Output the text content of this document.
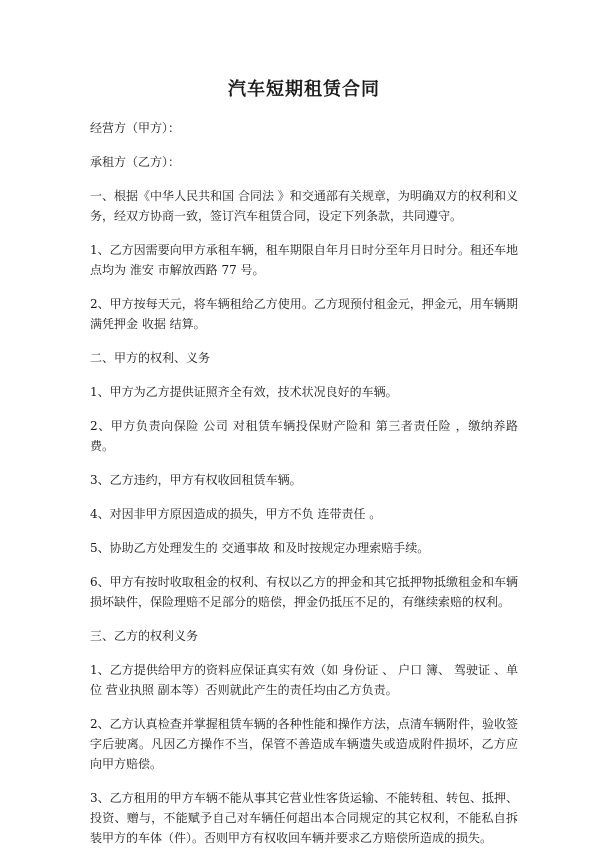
汽车短期租赁合同

经营方（甲方）：

承租方（乙方）：

一、根据《中华人民共和国 合同法 》和交通部有关规章，为明确双方的权利和义务，经双方协商一致，签订汽车租赁合同，设定下列条款，共同遵守。

1、乙方因需要向甲方承租车辆，租车期限自年月日时分至年月日时分。租还车地点均为 淮安 市解放西路 77 号。

2、甲方按每天元，将车辆租给乙方使用。乙方现预付租金元，押金元，用车辆期满凭押金 收据 结算。

二、甲方的权利、义务

1、甲方为乙方提供证照齐全有效，技术状况良好的车辆。

2、甲方负责向保险 公司 对租赁车辆投保财产险和 第三者责任险 ，缴纳养路费。

3、乙方违约，甲方有权收回租赁车辆。

4、对因非甲方原因造成的损失，甲方不负 连带责任 。

5、协助乙方处理发生的 交通事故 和及时按规定办理索赔手续。

6、甲方有按时收取租金的权利、有权以乙方的押金和其它抵押物抵缴租金和车辆损坏缺件，保险理赔不足部分的赔偿，押金仍抵压不足的，有继续索赔的权利。

三、乙方的权利义务

1、乙方提供给甲方的资料应保证真实有效（如 身份证 、 户口 簿、 驾驶证 、单位 营业执照 副本等）否则就此产生的责任均由乙方负责。

2、乙方认真检查并掌握租赁车辆的各种性能和操作方法，点清车辆附件，验收签字后驶离。凡因乙方操作不当，保管不善造成车辆遗失或造成附件损坏，乙方应向甲方赔偿。

3、乙方租用的甲方车辆不能从事其它营业性客货运输、不能转租、转包、抵押、投资、赠与，不能赋予自己对车辆任何超出本合同规定的其它权利，不能私自拆装甲方的车体（件）。否则甲方有权收回车辆并要求乙方赔偿所造成的损失。
